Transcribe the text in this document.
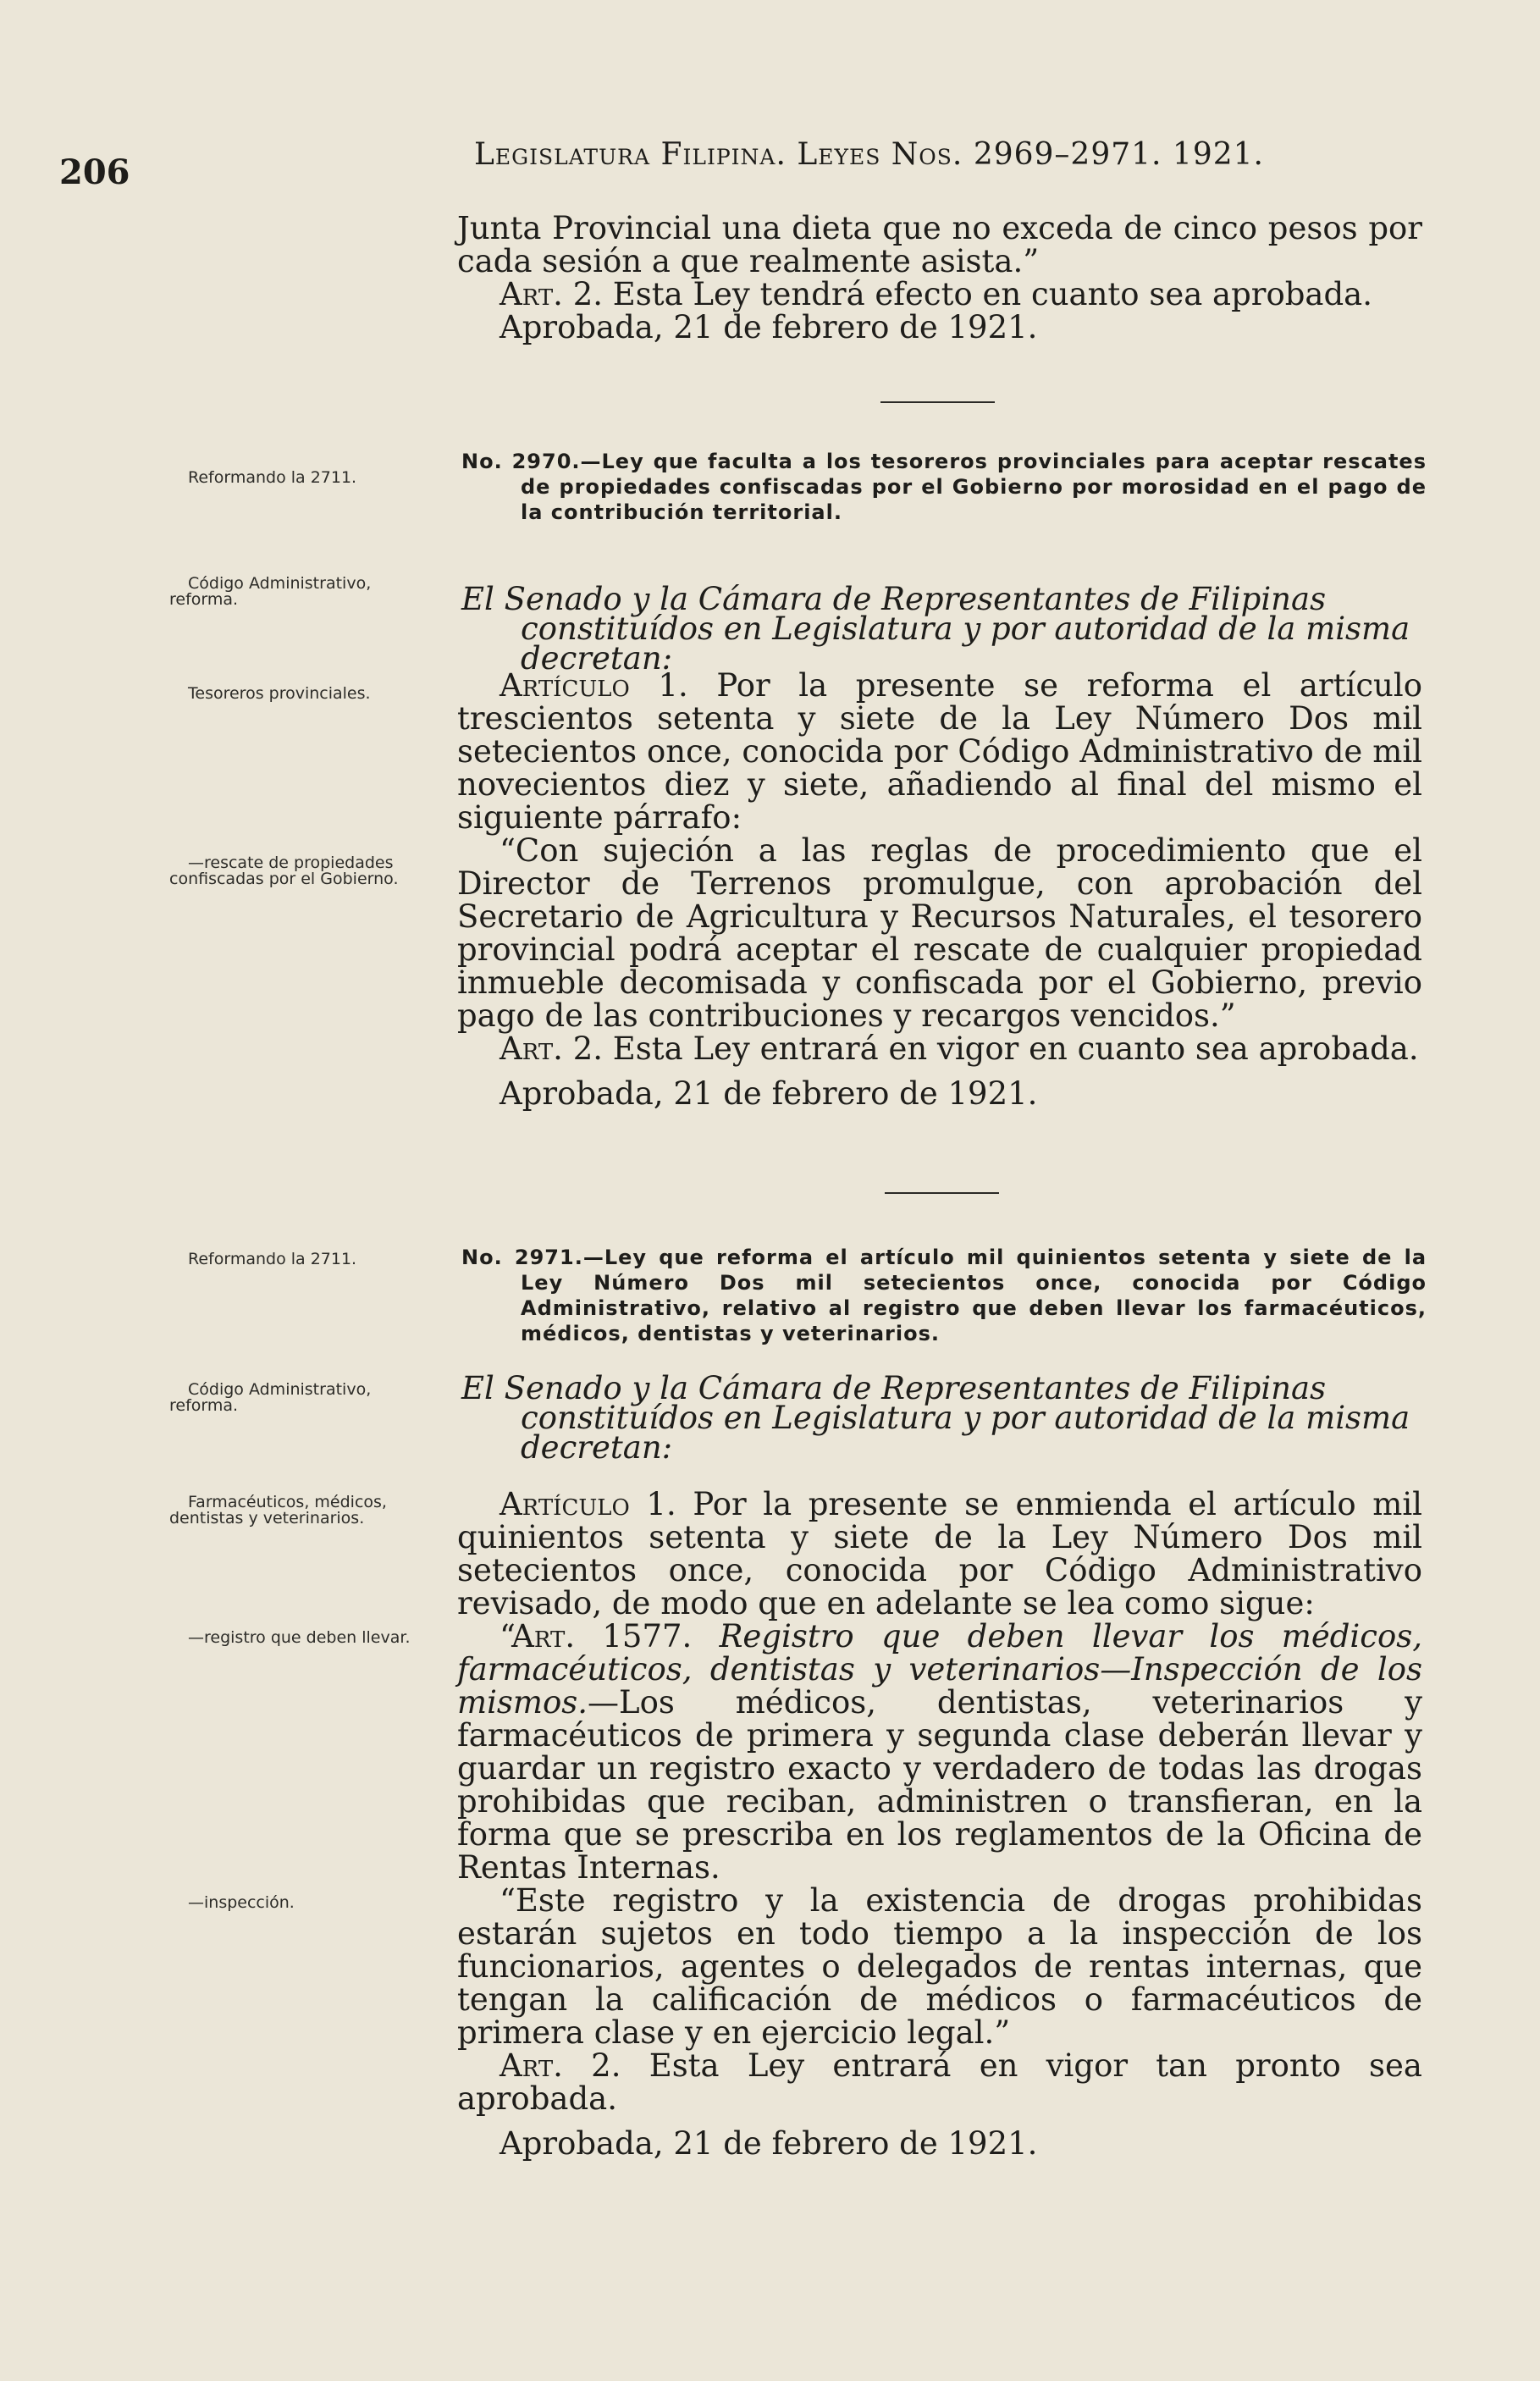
206	Legislatura Filipina. Leyes Nos. 2969–2971. 1921.

Junta Provincial una dieta que no exceda de cinco pesos por cada sesión a que realmente asista.”

Art. 2. Esta Ley tendrá efecto en cuanto sea aprobada.

Aprobada, 21 de febrero de 1921.

Reformando la 2711.

No. 2970.—Ley que faculta a los tesoreros provinciales para aceptar rescates de propiedades confiscadas por el Gobierno por morosidad en el pago de la contribución territorial.

Código Administrativo, reforma.	El Senado y la Cámara de Representantes de Filipinas constituídos en Legislatura y por autoridad de la misma decretan:
Tesoreros provinciales.	Artículo 1. Por la presente se reforma el artículo trescientos setenta y siete de la Ley Número Dos mil setecientos once, conocida por Código Administrativo de mil novecientos diez y siete, añadiendo al final del mismo el siguiente párrafo:

“Con sujeción a las reglas de procedimiento que el Director de Terrenos promulgue, con aprobación del Secretario de Agricultura y Recursos Naturales, el tesorero provincial podrá aceptar el rescate de cualquier propiedad inmueble decomisada y confiscada por el Gobierno, previo pago de las contribuciones y recargos vencidos.”

Art. 2. Esta Ley entrará en vigor en cuanto sea aprobada.

Aprobada, 21 de febrero de 1921.

—rescate de propiedades confiscadas por el Gobierno.
Reformando la 2711.	No. 2971.—Ley que reforma el artículo mil quinientos setenta y siete de la Ley Número Dos mil setecientos once, conocida por Código Administrativo, relativo al registro que deben llevar los farmacéuticos, médicos, dentistas y veterinarios.

Código Administrativo, reforma.	El Senado y la Cámara de Representantes de Filipinas constituídos en Legislatura y por autoridad de la misma decretan:
Farmacéuticos, médicos, dentistas y veterinarios.
—registro que deben llevar.
—inspección.

Artículo 1. Por la presente se enmienda el artículo mil quinientos setenta y siete de la Ley Número Dos mil setecientos once, conocida por Código Administrativo revisado, de modo que en adelante se lea como sigue:

“Art. 1577. Registro que deben llevar los médicos, farmacéuticos, dentistas y veterinarios—Inspección de los mismos.—Los médicos, dentistas, veterinarios y farmacéuticos de primera y segunda clase deberán llevar y guardar un registro exacto y verdadero de todas las drogas prohibidas que reciban, administren o transfieran, en la forma que se prescriba en los reglamentos de la Oficina de Rentas Internas.

“Este registro y la existencia de drogas prohibidas estarán sujetos en todo tiempo a la inspección de los funcionarios, agentes o delegados de rentas internas, que tengan la calificación de médicos o farmacéuticos de primera clase y en ejercicio legal.”

Art. 2. Esta Ley entrará en vigor tan pronto sea aprobada.

Aprobada, 21 de febrero de 1921.
